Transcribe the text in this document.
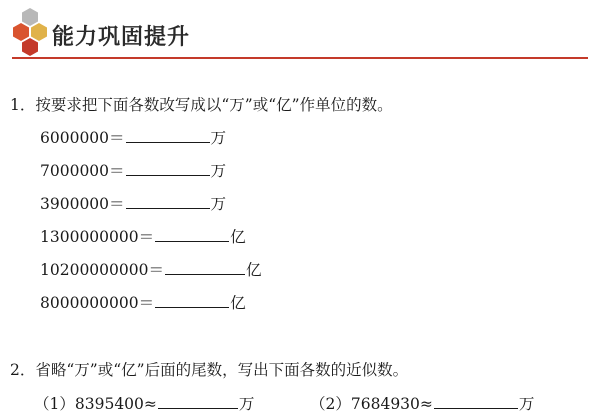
能力巩固提升
1．按要求把下面各数改写成以“万”或“亿”作单位的数。
6000000＝	万
7000000＝	万
3900000＝	万
1300000000＝	亿
10200000000＝	亿
8000000000＝	亿
2．省略“万”或“亿”后面的尾数，写出下面各数的近似数。
（1）8395400≈	万	（2）7684930≈	万
